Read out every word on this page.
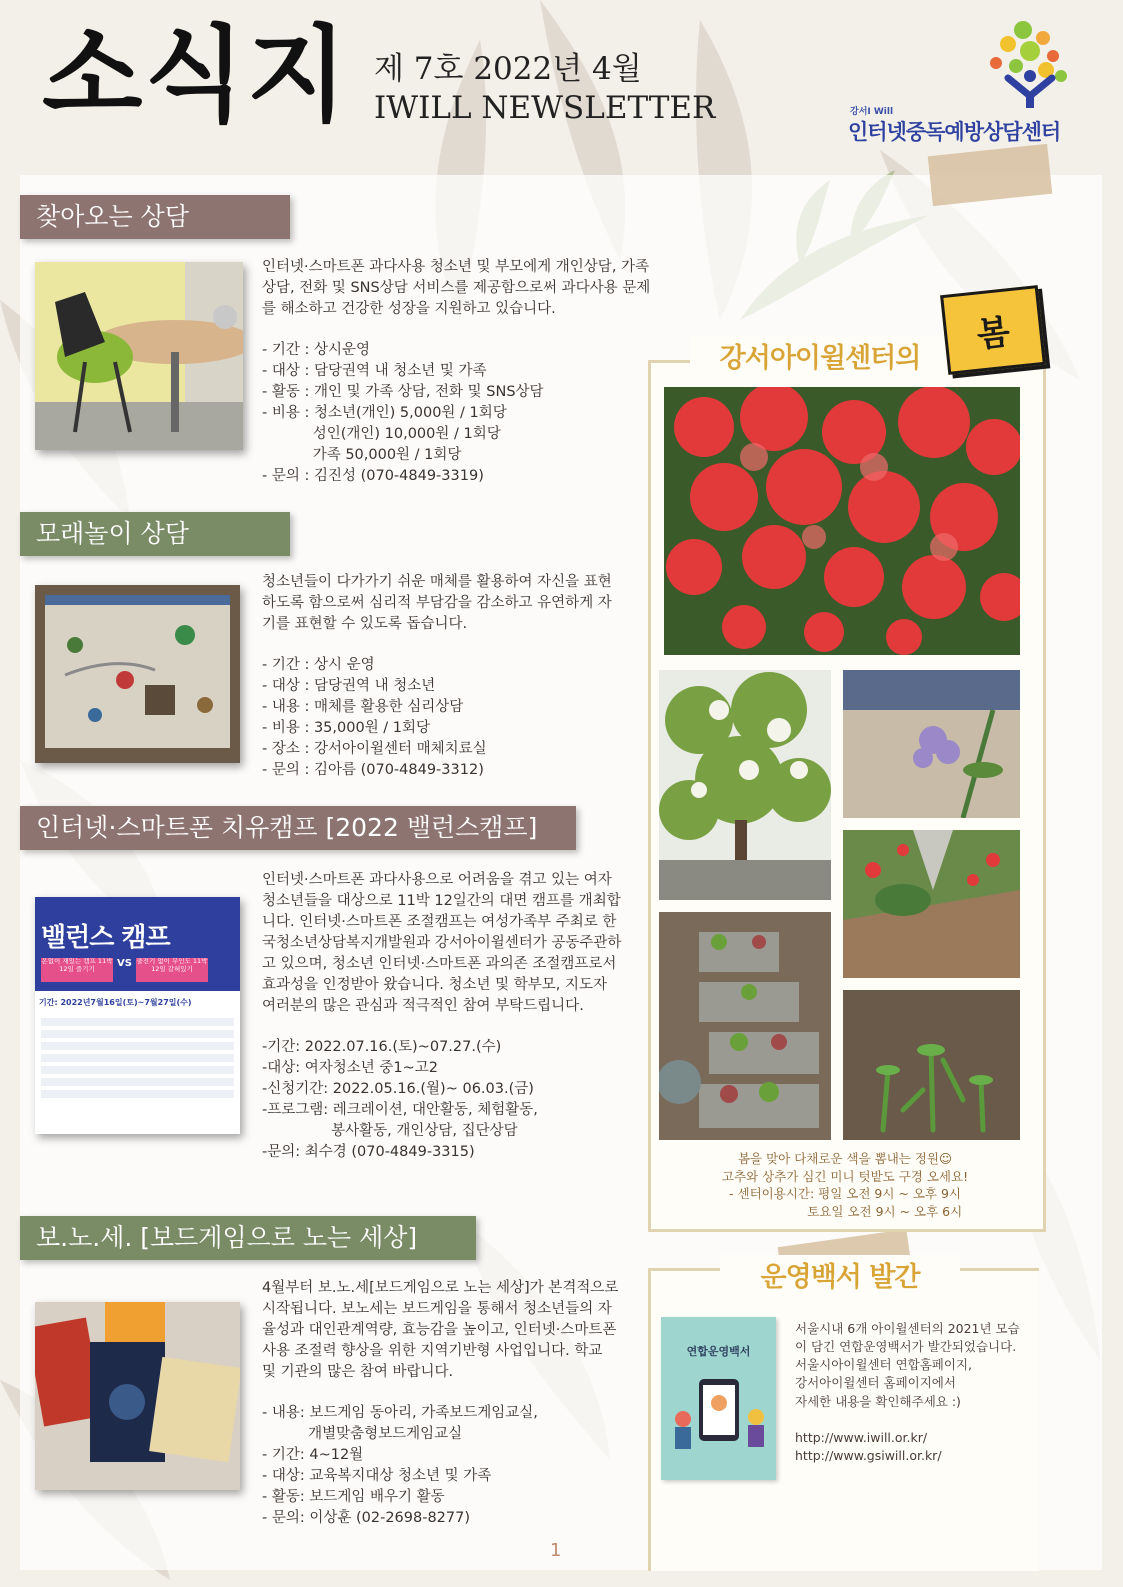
소식지 제 7호 2022년 4월
IWILL NEWSLETTER	강서I Will
인터넷중독예방상담센터
찾아오는 상담

인터넷·스마트폰 과다사용 청소년 및 부모에게 개인상담, 가족상담, 전화 및 SNS상담 서비스를 제공함으로써 과다사용 문제를 해소하고 건강한 성장을 지원하고 있습니다.

- 기간 : 상시운영

- 대상 : 담당권역 내 청소년 및 가족

- 활동 : 개인 및 가족 상담, 전화 및 SNS상담

- 비용 : 청소년(개인) 5,000원 / 1회당

성인(개인) 10,000원 / 1회당

가족 50,000원 / 1회당

- 문의 : 김진성 (070-4849-3319)

모래놀이 상담

청소년들이 다가가기 쉬운 매체를 활용하여 자신을 표현하도록 함으로써 심리적 부담감을 감소하고 유연하게 자기를 표현할 수 있도록 돕습니다.

- 기간 : 상시 운영

- 대상 : 담당권역 내 청소년

- 내용 : 매체를 활용한 심리상담

- 비용 : 35,000원 / 1회당

- 장소 : 강서아이윌센터 매체치료실

- 문의 : 김아름 (070-4849-3312)

인터넷·스마트폰 치유캠프 [2022 밸런스캠프]
밸런스 캠프
온없이 재있는 캠프 11박12일 즐기기	VS 출전기 없이 무인도 11박12일 갈혀있기
기간: 2022년7월16일(토)~7월27일(수)

인터넷·스마트폰 과다사용으로 어려움을 겪고 있는 여자청소년들을 대상으로 11박 12일간의 대면 캠프를 개최합니다. 인터넷·스마트폰 조절캠프는 여성가족부 주최로 한국청소년상담복지개발원과 강서아이윌센터가 공동주관하고 있으며, 청소년 인터넷·스마트폰 과의존 조절캠프로서 효과성을 인정받아 왔습니다. 청소년 및 학부모, 지도자 여러분의 많은 관심과 적극적인 참여 부탁드립니다.

-기간: 2022.07.16.(토)~07.27.(수)

-대상: 여자청소년 중1~고2

-신청기간: 2022.05.16.(월)~ 06.03.(금)

-프로그램: 레크레이션, 대안활동, 체험활동,

봉사활동, 개인상담, 집단상담

-문의: 최수경 (070-4849-3315)

보.노.세. [보드게임으로 노는 세상]

4월부터 보.노.세[보드게임으로 노는 세상]가 본격적으로 시작됩니다. 보노세는 보드게임을 통해서 청소년들의 자율성과 대인관계역량, 효능감을 높이고, 인터넷·스마트폰 사용 조절력 향상을 위한 지역기반형 사업입니다. 학교 및 기관의 많은 참여 바랍니다.

- 내용: 보드게임 동아리, 가족보드게임교실,

개별맞춤형보드게임교실

- 기간: 4~12월

- 대상: 교육복지대상 청소년 및 가족

- 활동: 보드게임 배우기 활동

- 문의: 이상훈 (02-2698-8277)

강서아이윌센터의
봄

봄을 맞아 다채로운 색을 뽐내는 정원☺

고추와 상추가 심긴 미니 텃밭도 구경 오세요!

- 센터이용시간: 평일 오전 9시 ~ 오후 9시

토요일 오전 9시 ~ 오후 6시

운영백서 발간
연합운영백서

서울시내 6개 아이윌센터의 2021년 모습이 담긴 연합운영백서가 발간되었습니다.

서울시아이윌센터 연합홈페이지,

강서아이윌센터 홈페이지에서

자세한 내용을 확인해주세요 :)

http://www.iwill.or.kr/

http://www.gsiwill.or.kr/

1
